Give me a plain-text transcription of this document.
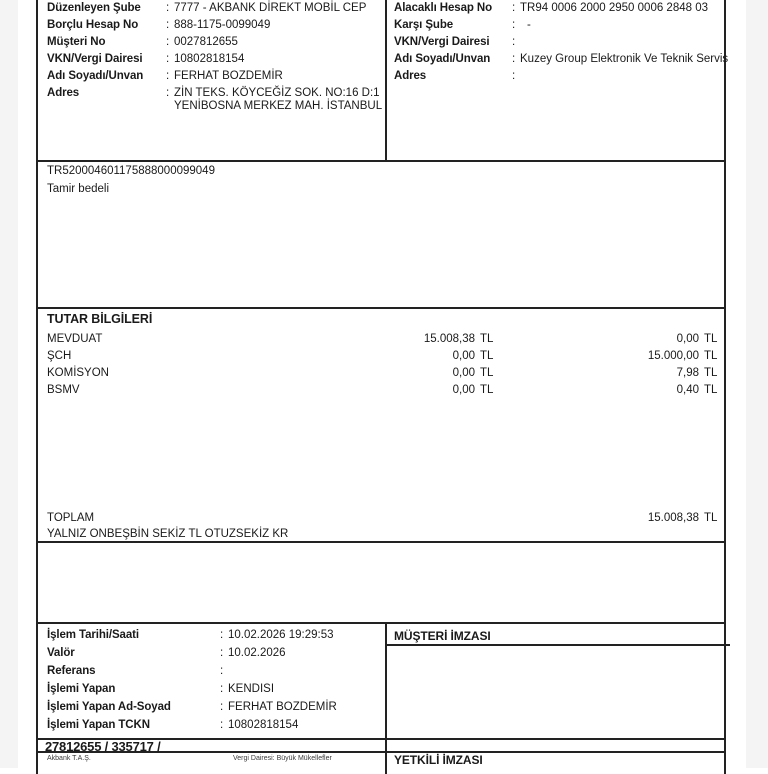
Düzenleyen Şube : 7777 - AKBANK DİREKT MOBİL CEP
Borçlu Hesap No : 888-1175-0099049
Müşteri No	: 0027812655
VKN/Vergi Dairesi : 10802818154
Adı Soyadı/Unvan : FERHAT BOZDEMİR
Adres	: ZİN TEKS. KÖYCEĞİZ SOK. NO:16 D:1
YENİBOSNA MERKEZ MAH. İSTANBUL
Alacaklı Hesap No : TR94 0006 2000 2950 0006 2848 03
Karşı Şube	: -
VKN/Vergi Dairesi :
Adı Soyadı/Unvan : Kuzey Group Elektronik Ve Teknik Servis
Adres	:
TR520004601175888000099049
Tamir bedeli
TUTAR BİLGİLERİ
MEVDUAT	15.008,38 TL	0,00 TL
ŞCH	0,00 TL	15.000,00 TL
KOMİSYON	0,00 TL	7,98 TL
BSMV	0,00 TL	0,40 TL
TOPLAM	15.008,38 TL
YALNIZ ONBEŞBİN SEKİZ TL OTUZSEKİZ KR
İşlem Tarihi/Saati	: 10.02.2026 19:29:53
Valör	: 10.02.2026
Referans	:
İşlemi Yapan	: KENDISI
İşlemi Yapan Ad-Soyad	: FERHAT BOZDEMİR
İşlemi Yapan TCKN	: 10802818154
MÜŞTERİ İMZASI
YETKİLİ İMZASI
27812655 / 335717 /
Akbank T.A.Ş.	Vergi Dairesi: Büyük Mükellefler
